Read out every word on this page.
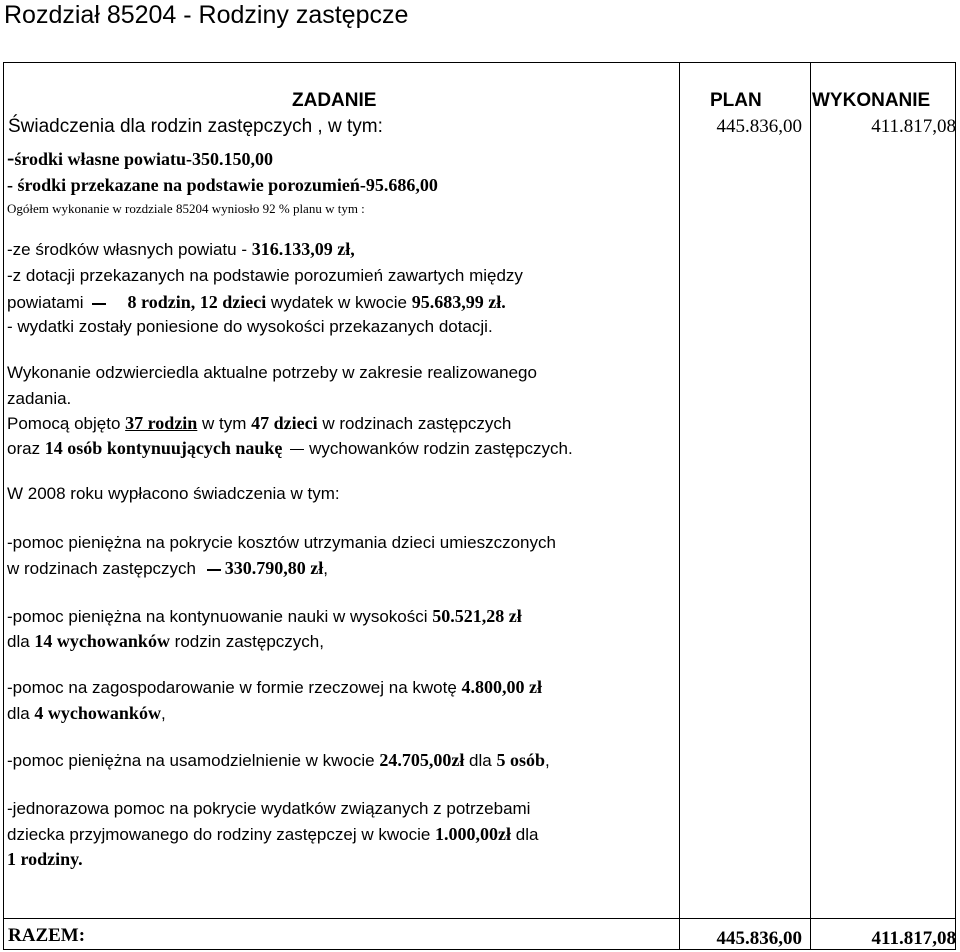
Rozdział 85204 - Rodziny zastępcze
ZADANIE	PLAN	WYKONANIE
Świadczenia dla rodzin zastępczych , w tym:	445.836,00	411.817,08
-środki własne powiatu-350.150,00
- środki przekazane na podstawie porozumień-95.686,00
Ogółem wykonanie w rozdziale 85204 wyniosło 92 % planu w tym :
-ze środków własnych powiatu - 316.133,09 zł,
-z dotacji przekazanych na podstawie porozumień zawartych między
powiatami 8 rodzin, 12 dzieci wydatek w kwocie 95.683,99 zł.
- wydatki zostały poniesione do wysokości przekazanych dotacji.
Wykonanie odzwierciedla aktualne potrzeby w zakresie realizowanego
zadania.
Pomocą objęto 37 rodzin w tym 47 dzieci w rodzinach zastępczych
oraz 14 osób kontynuujących naukę wychowanków rodzin zastępczych.
W 2008 roku wypłacono świadczenia w tym:
-pomoc pieniężna na pokrycie kosztów utrzymania dzieci umieszczonych
w rodzinach zastępczych 330.790,80 zł,
-pomoc pieniężna na kontynuowanie nauki w wysokości 50.521,28 zł
dla 14 wychowanków rodzin zastępczych,
-pomoc na zagospodarowanie w formie rzeczowej na kwotę 4.800,00 zł
dla 4 wychowanków,
-pomoc pieniężna na usamodzielnienie w kwocie 24.705,00zł dla 5 osób,
-jednorazowa pomoc na pokrycie wydatków związanych z potrzebami
dziecka przyjmowanego do rodziny zastępczej w kwocie 1.000,00zł dla
1 rodziny.
RAZEM:	445.836,00	411.817,08
